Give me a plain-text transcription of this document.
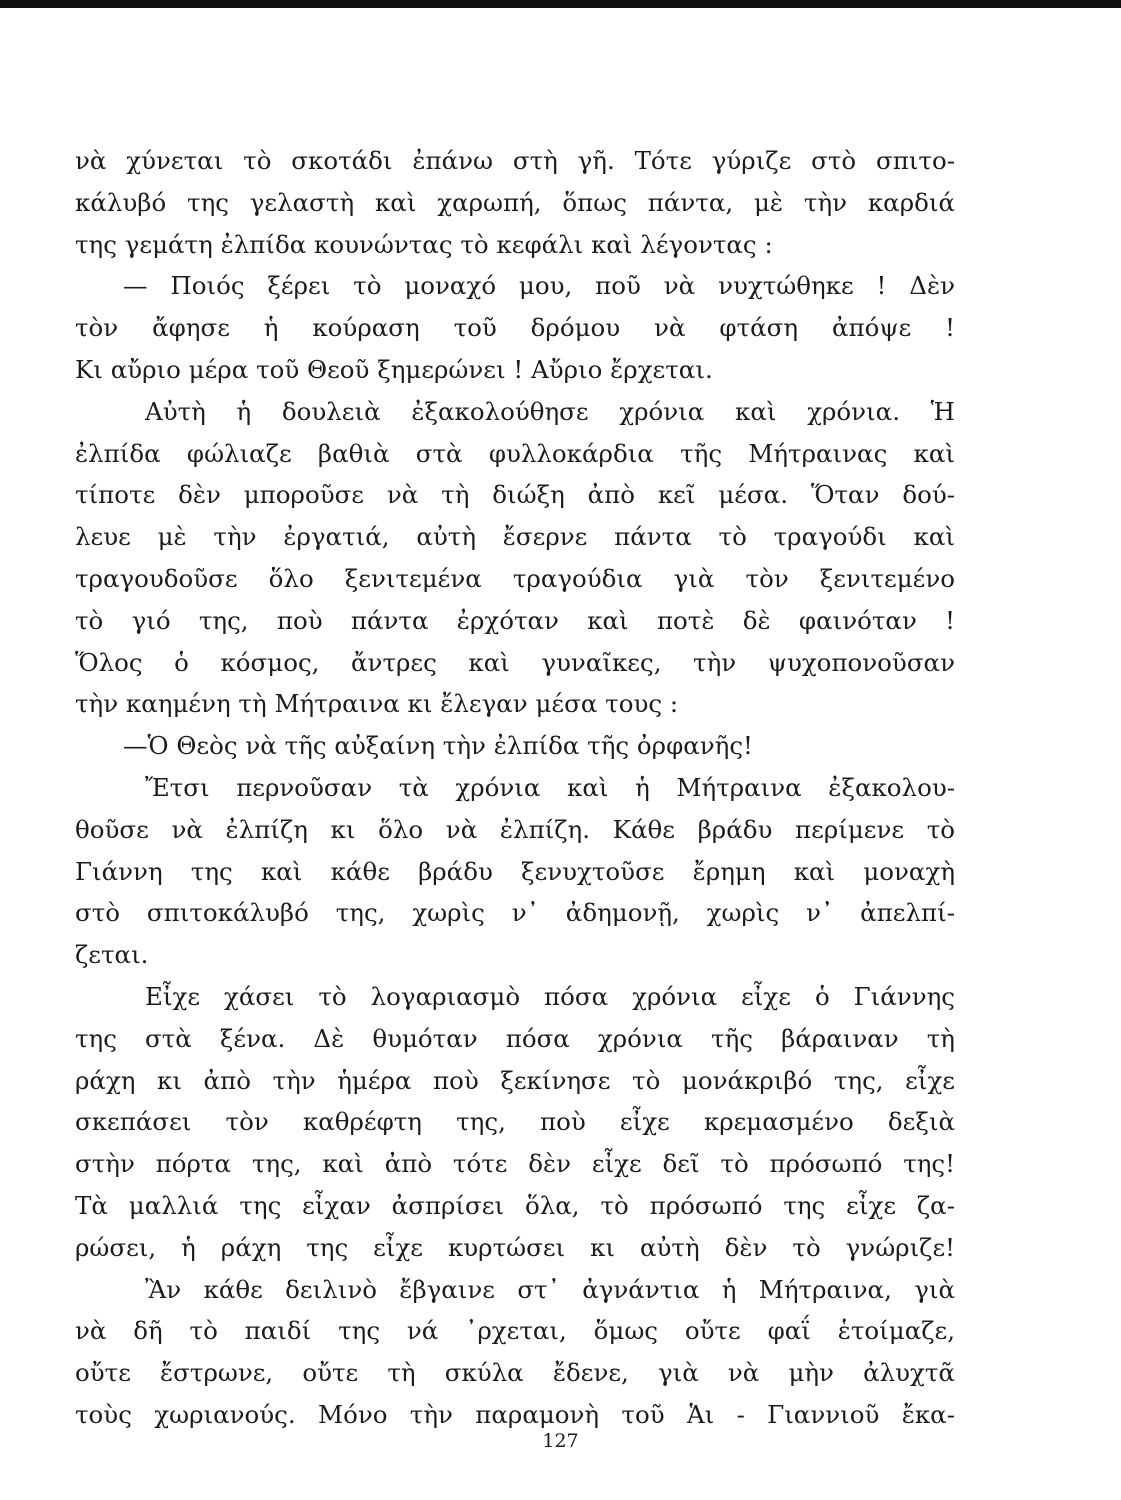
νὰ χύνεται τὸ σκοτάδι ἐπάνω στὴ γῆ. Τότε γύριζε στὸ σπιτο-
κάλυβό της γελαστὴ καὶ χαρωπή, ὅπως πάντα, μὲ τὴν καρδιά
της γεμάτη ἐλπίδα κουνώντας τὸ κεφάλι καὶ λέγοντας :
— Ποιός ξέρει τὸ μοναχό μου, ποῦ νὰ νυχτώθηκε ! Δὲν
τὸν ἄφησε ἡ κούραση τοῦ δρόμου νὰ φτάση ἀπόψε !
Κι αὔριο μέρα τοῦ Θεοῦ ξημερώνει ! Αὔριο ἔρχεται.
Αὐτὴ ἡ δουλειὰ ἐξακολούθησε χρόνια καὶ χρόνια. Ἡ
ἐλπίδα φώλιαζε βαθιὰ στὰ φυλλοκάρδια τῆς Μήτραινας καὶ
τίποτε δὲν μποροῦσε νὰ τὴ διώξη ἀπὸ κεῖ μέσα. Ὅταν δού-
λευε μὲ τὴν ἐργατιά, αὐτὴ ἔσερνε πάντα τὸ τραγούδι καὶ
τραγουδοῦσε ὅλο ξενιτεμένα τραγούδια γιὰ τὸν ξενιτεμένο
τὸ γιό της, ποὺ πάντα ἐρχόταν καὶ ποτὲ δὲ φαινόταν !
Ὅλος ὁ κόσμος, ἄντρες καὶ γυναῖκες, τὴν ψυχοπονοῦσαν
τὴν καημένη τὴ Μήτραινα κι ἔλεγαν μέσα τους :
—Ὁ Θεὸς νὰ τῆς αὐξαίνη τὴν ἐλπίδα τῆς ὀρφανῆς!
Ἔτσι περνοῦσαν τὰ χρόνια καὶ ἡ Μήτραινα ἐξακολου-
θοῦσε νὰ ἐλπίζη κι ὅλο νὰ ἐλπίζη. Κάθε βράδυ περίμενε τὸ
Γιάννη της καὶ κάθε βράδυ ξενυχτοῦσε ἔρημη καὶ μοναχὴ
στὸ σπιτοκάλυβό της, χωρὶς ν᾽ ἀδημονῇ, χωρὶς ν᾽ ἀπελπί-
ζεται.
Εἶχε χάσει τὸ λογαριασμὸ πόσα χρόνια εἶχε ὁ Γιάννης
της στὰ ξένα. Δὲ θυμόταν πόσα χρόνια τῆς βάραιναν τὴ
ράχη κι ἀπὸ τὴν ἡμέρα ποὺ ξεκίνησε τὸ μονάκριβό της, εἶχε
σκεπάσει τὸν καθρέφτη της, ποὺ εἶχε κρεμασμένο δεξιὰ
στὴν πόρτα της, καὶ ἀπὸ τότε δὲν εἶχε δεῖ τὸ πρόσωπό της!
Τὰ μαλλιά της εἶχαν ἀσπρίσει ὅλα, τὸ πρόσωπό της εἶχε ζα-
ρώσει, ἡ ράχη της εἶχε κυρτώσει κι αὐτὴ δὲν τὸ γνώριζε!
Ἂν κάθε δειλινὸ ἔβγαινε στ᾽ ἀγνάντια ἡ Μήτραινα, γιὰ
νὰ δῆ τὸ παιδί της νά ᾽ρχεται, ὅμως οὔτε φαΐ ἑτοίμαζε,
οὔτε ἔστρωνε, οὔτε τὴ σκύλα ἔδενε, γιὰ νὰ μὴν ἀλυχτᾶ
τοὺς χωριανούς. Μόνο τὴν παραμονὴ τοῦ Ἁι - Γιαννιοῦ ἔκα-
127
